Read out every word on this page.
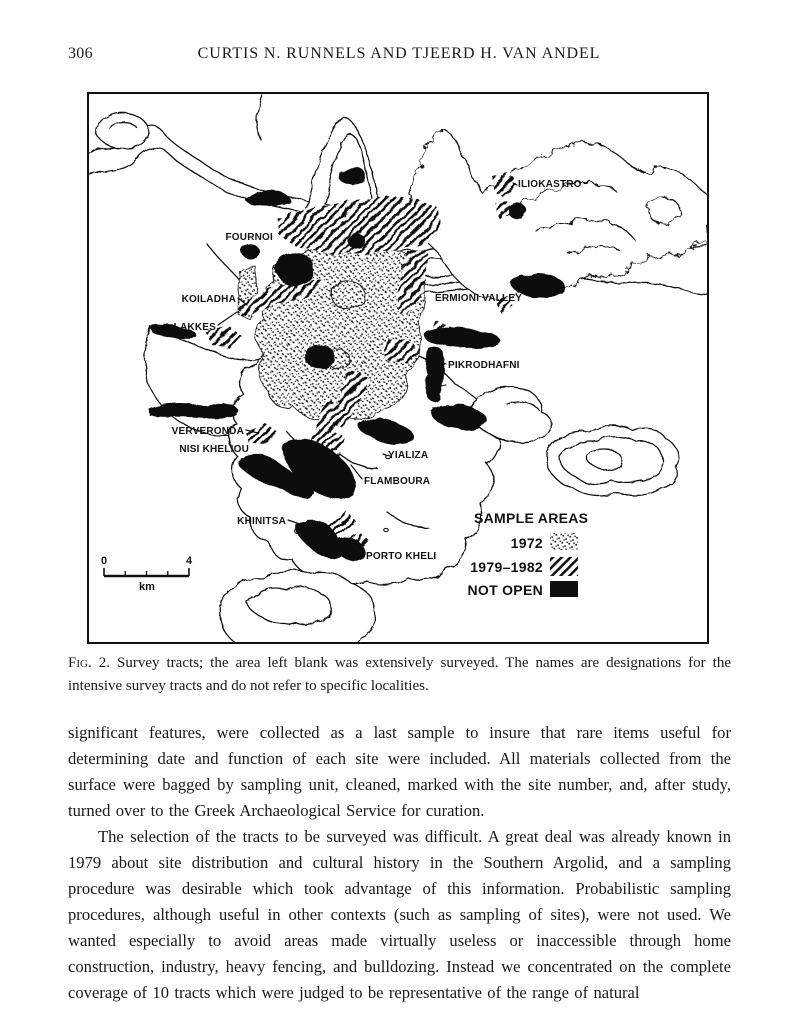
306	CURTIS N. RUNNELS AND TJEERD H. VAN ANDEL
ILIOKASTRO
FOURNOI
KOILADHA
LAKKES
ERMIONI VALLEY
PIKRODHAFNI
VERVERONDA
NISI KHELIOU
YIALIZA
FLAMBOURA
KHINITSA
PORTO KHELI
SAMPLE AREAS
1972
1979–1982
NOT OPEN
0	4
km

Fig. 2. Survey tracts; the area left blank was extensively surveyed. The names are designations for the intensive survey tracts and do not refer to specific localities.

significant features, were collected as a last sample to insure that rare items useful for determining date and function of each site were included. All materials collected from the surface were bagged by sampling unit, cleaned, marked with the site number, and, after study, turned over to the Greek Archaeological Service for curation.

The selection of the tracts to be surveyed was difficult. A great deal was already known in 1979 about site distribution and cultural history in the Southern Argolid, and a sampling procedure was desirable which took advantage of this information. Probabilistic sampling procedures, although useful in other contexts (such as sampling of sites), were not used. We wanted especially to avoid areas made virtually useless or inaccessible through home construction, industry, heavy fencing, and bulldozing. Instead we concentrated on the complete coverage of 10 tracts which were judged to be representative of the range of natural
